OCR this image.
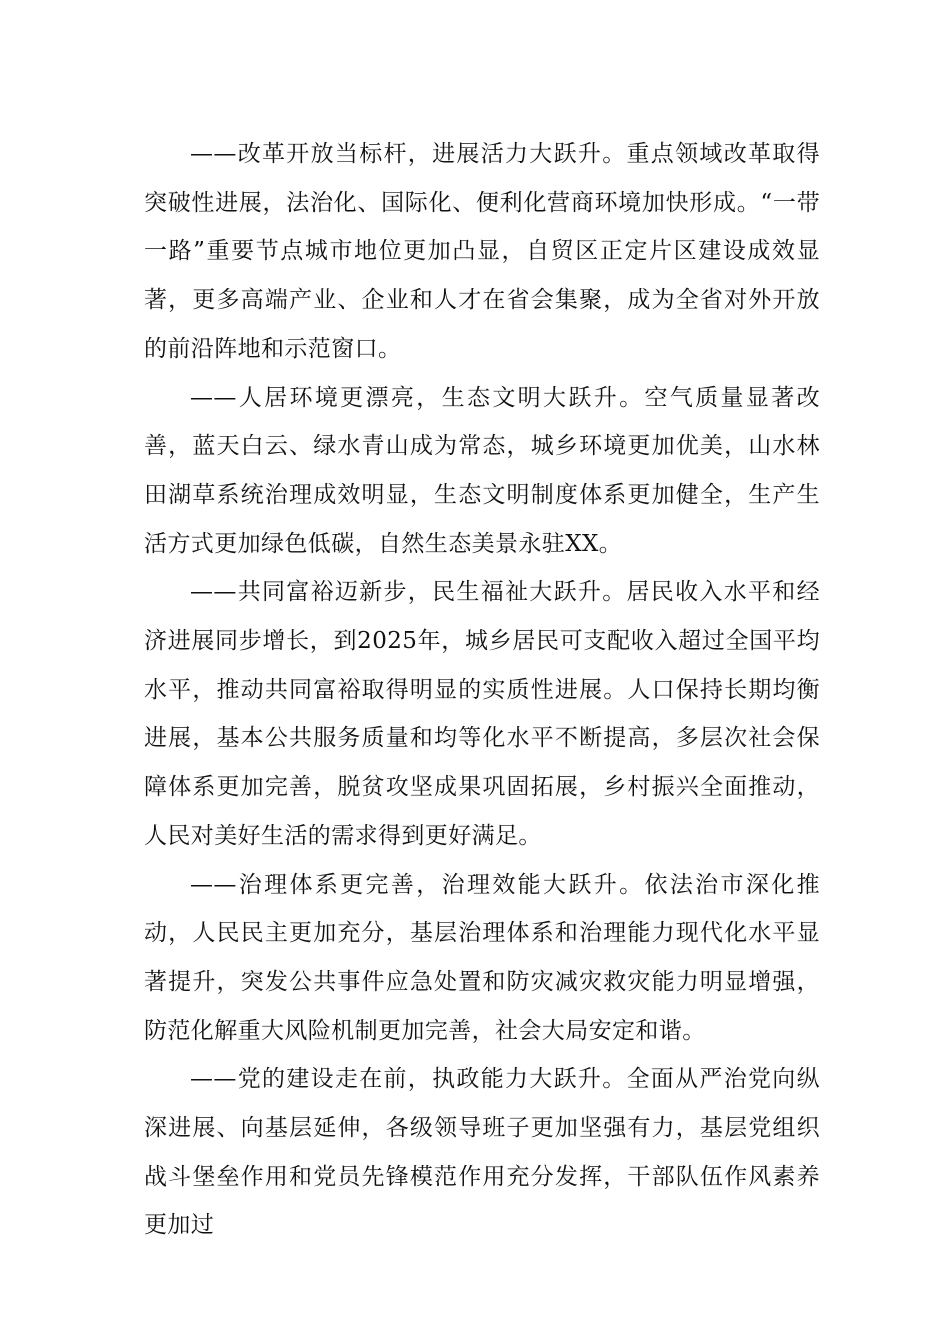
——改革开放当标杆，进展活力大跃升。重点领域改革取得突破性进展，法治化、国际化、便利化营商环境加快形成。“一带一路”重要节点城市地位更加凸显，自贸区正定片区建设成效显著，更多高端产业、企业和人才在省会集聚，成为全省对外开放的前沿阵地和示范窗口。

——人居环境更漂亮，生态文明大跃升。空气质量显著改善，蓝天白云、绿水青山成为常态，城乡环境更加优美，山水林田湖草系统治理成效明显，生态文明制度体系更加健全，生产生活方式更加绿色低碳，自然生态美景永驻XX。

——共同富裕迈新步，民生福祉大跃升。居民收入水平和经济进展同步增长，到2025年，城乡居民可支配收入超过全国平均水平，推动共同富裕取得明显的实质性进展。人口保持长期均衡进展，基本公共服务质量和均等化水平不断提高，多层次社会保障体系更加完善，脱贫攻坚成果巩固拓展，乡村振兴全面推动，人民对美好生活的需求得到更好满足。

——治理体系更完善，治理效能大跃升。依法治市深化推动，人民民主更加充分，基层治理体系和治理能力现代化水平显著提升，突发公共事件应急处置和防灾减灾救灾能力明显增强，防范化解重大风险机制更加完善，社会大局安定和谐。

——党的建设走在前，执政能力大跃升。全面从严治党向纵深进展、向基层延伸，各级领导班子更加坚强有力，基层党组织战斗堡垒作用和党员先锋模范作用充分发挥，干部队伍作风素养更加过
